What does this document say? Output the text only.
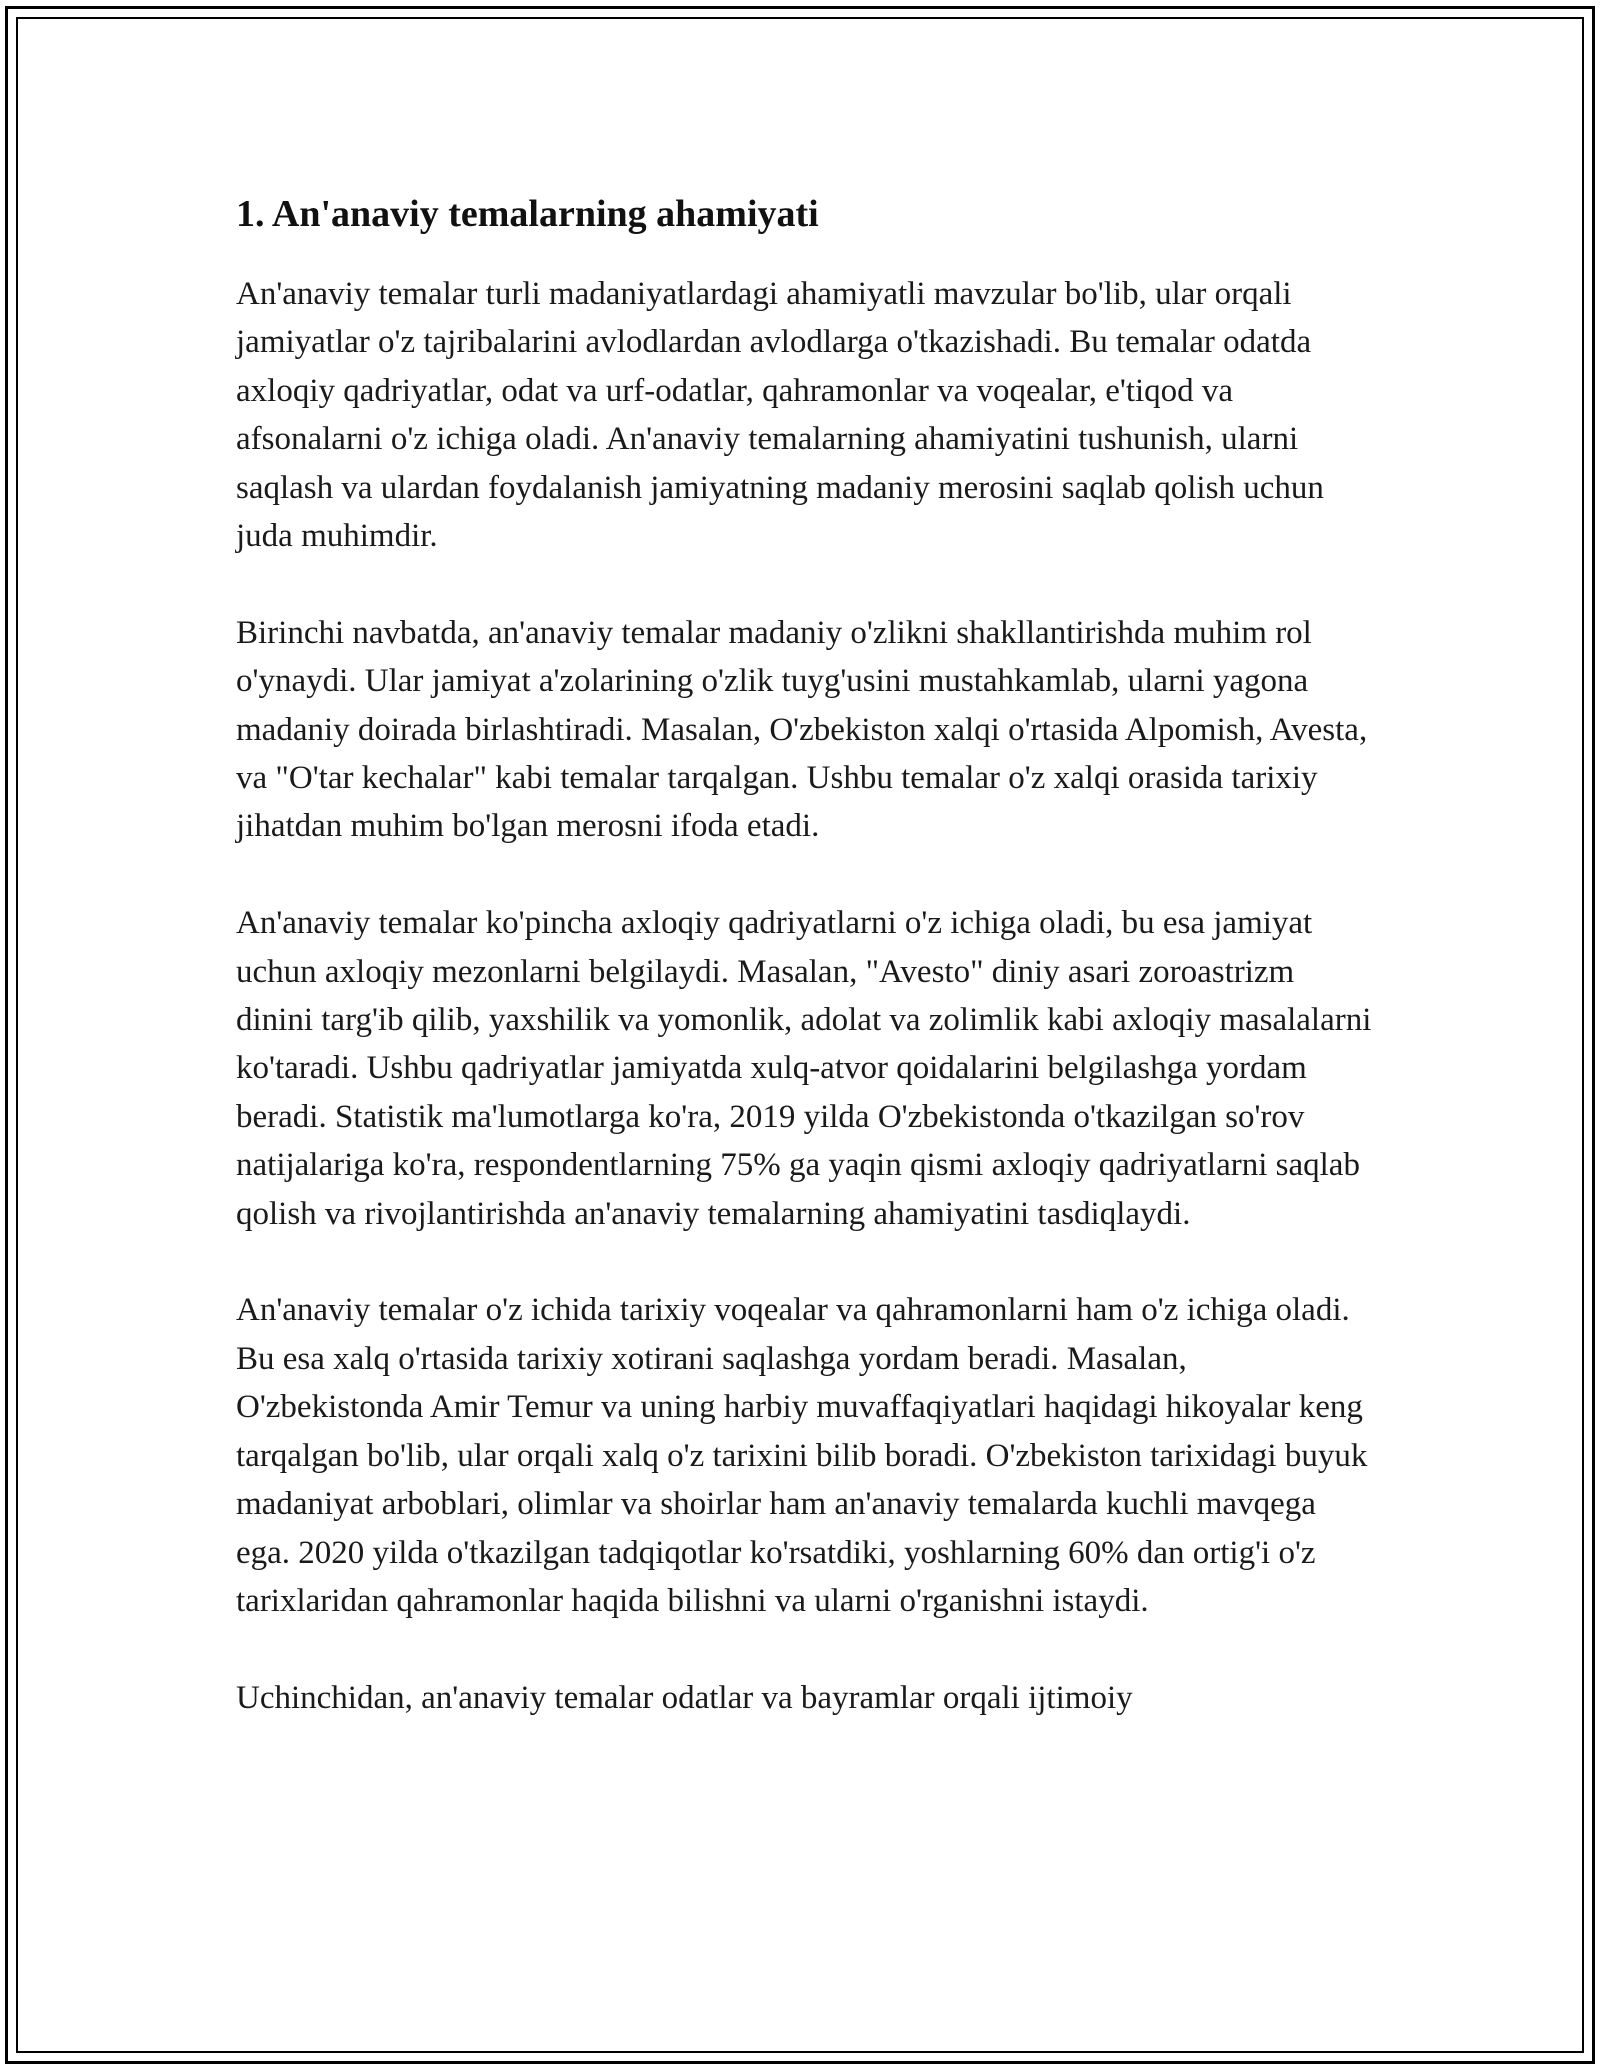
1. An'anaviy temalarning ahamiyati

An'anaviy temalar turli madaniyatlardagi ahamiyatli mavzular bo'lib, ular orqali jamiyatlar o'z tajribalarini avlodlardan avlodlarga o'tkazishadi. Bu temalar odatda axloqiy qadriyatlar, odat va urf-odatlar, qahramonlar va voqealar, e'tiqod va afsonalarni o'z ichiga oladi. An'anaviy temalarning ahamiyatini tushunish, ularni saqlash va ulardan foydalanish jamiyatning madaniy merosini saqlab qolish uchun juda muhimdir.

Birinchi navbatda, an'anaviy temalar madaniy o'zlikni shakllantirishda muhim rol o'ynaydi. Ular jamiyat a'zolarining o'zlik tuyg'usini mustahkamlab, ularni yagona madaniy doirada birlashtiradi. Masalan, O'zbekiston xalqi o'rtasida Alpomish, Avesta, va "O'tar kechalar" kabi temalar tarqalgan. Ushbu temalar o'z xalqi orasida tarixiy jihatdan muhim bo'lgan merosni ifoda etadi.

An'anaviy temalar ko'pincha axloqiy qadriyatlarni o'z ichiga oladi, bu esa jamiyat uchun axloqiy mezonlarni belgilaydi. Masalan, "Avesto" diniy asari zoroastrizm dinini targ'ib qilib, yaxshilik va yomonlik, adolat va zolimlik kabi axloqiy masalalarni ko'taradi. Ushbu qadriyatlar jamiyatda xulq-atvor qoidalarini belgilashga yordam beradi. Statistik ma'lumotlarga ko'ra, 2019 yilda O'zbekistonda o'tkazilgan so'rov natijalariga ko'ra, respondentlarning 75% ga yaqin qismi axloqiy qadriyatlarni saqlab qolish va rivojlantirishda an'anaviy temalarning ahamiyatini tasdiqlaydi.

An'anaviy temalar o'z ichida tarixiy voqealar va qahramonlarni ham o'z ichiga oladi. Bu esa xalq o'rtasida tarixiy xotirani saqlashga yordam beradi. Masalan, O'zbekistonda Amir Temur va uning harbiy muvaffaqiyatlari haqidagi hikoyalar keng tarqalgan bo'lib, ular orqali xalq o'z tarixini bilib boradi. O'zbekiston tarixidagi buyuk madaniyat arboblari, olimlar va shoirlar ham an'anaviy temalarda kuchli mavqega ega. 2020 yilda o'tkazilgan tadqiqotlar ko'rsatdiki, yoshlarning 60% dan ortig'i o'z tarixlaridan qahramonlar haqida bilishni va ularni o'rganishni istaydi.

Uchinchidan, an'anaviy temalar odatlar va bayramlar orqali ijtimoiy
